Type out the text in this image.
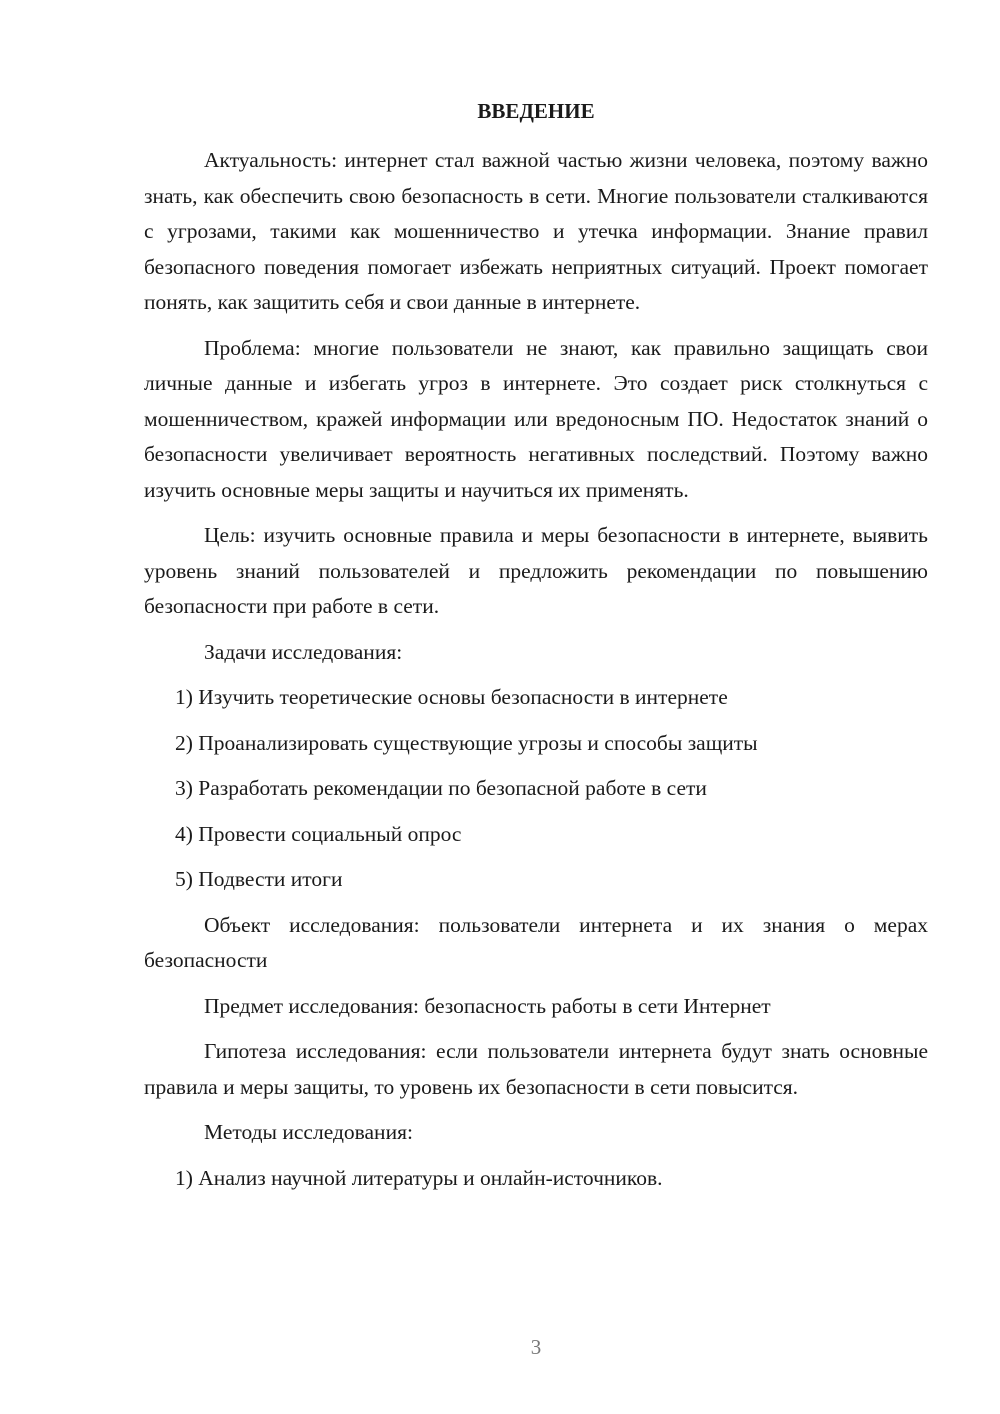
ВВЕДЕНИЕ

Актуальность: интернет стал важной частью жизни человека, поэтому важно знать, как обеспечить свою безопасность в сети. Многие пользователи сталкиваются с угрозами, такими как мошенничество и утечка информации. Знание правил безопасного поведения помогает избежать неприятных ситуаций. Проект помогает понять, как защитить себя и свои данные в интернете.

Проблема: многие пользователи не знают, как правильно защищать свои личные данные и избегать угроз в интернете. Это создает риск столкнуться с мошенничеством, кражей информации или вредоносным ПО. Недостаток знаний о безопасности увеличивает вероятность негативных последствий. Поэтому важно изучить основные меры защиты и научиться их применять.

Цель: изучить основные правила и меры безопасности в интернете, выявить уровень знаний пользователей и предложить рекомендации по повышению безопасности при работе в сети.

Задачи исследования:

1) Изучить теоретические основы безопасности в интернете

2) Проанализировать существующие угрозы и способы защиты

3) Разработать рекомендации по безопасной работе в сети

4) Провести социальный опрос

5) Подвести итоги

Объект исследования: пользователи интернета и их знания о мерах безопасности

Предмет исследования: безопасность работы в сети Интернет

Гипотеза исследования: если пользователи интернета будут знать основные правила и меры защиты, то уровень их безопасности в сети повысится.

Методы исследования:

1) Анализ научной литературы и онлайн-источников.

3
